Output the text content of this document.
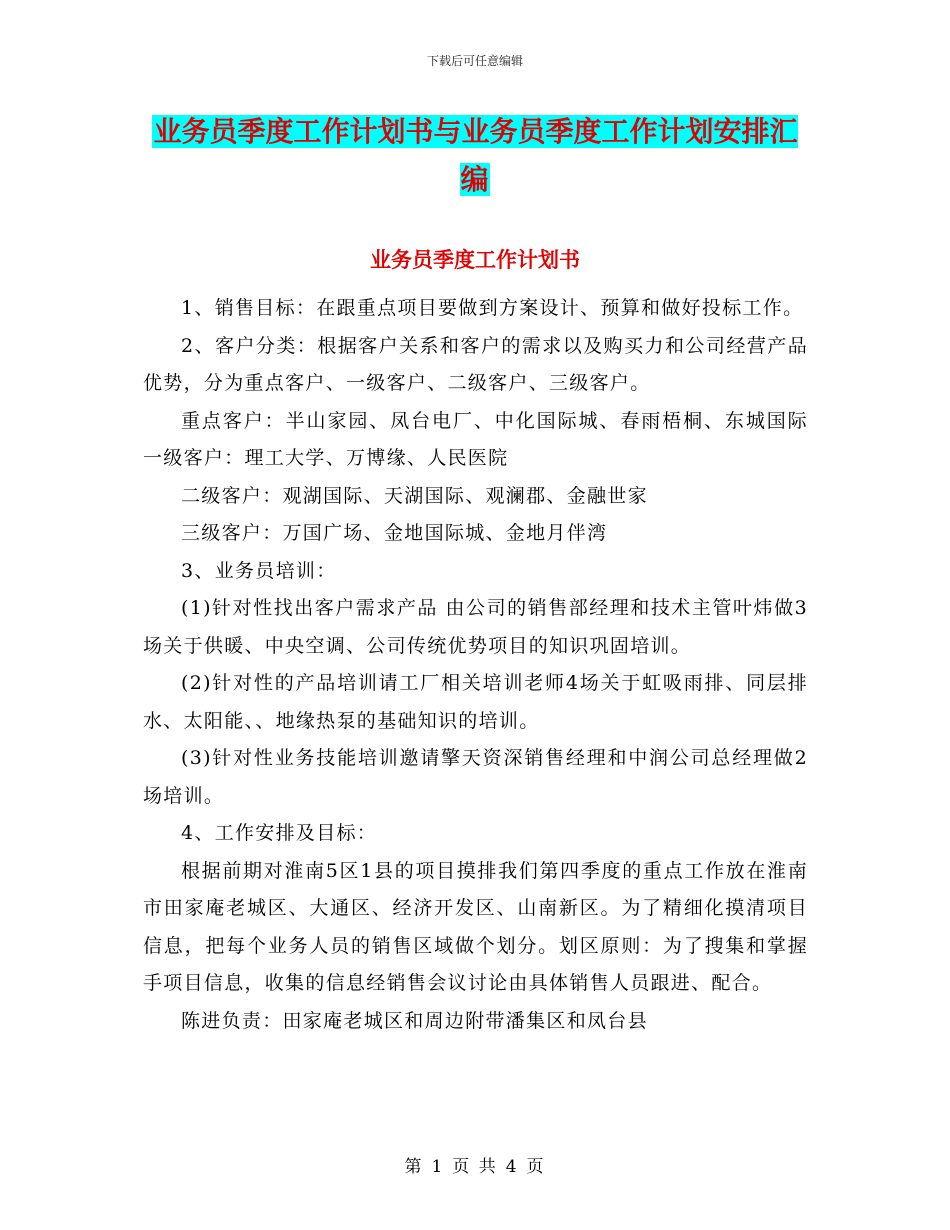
下载后可任意编辑
业务员季度工作计划书与业务员季度工作计划安排汇编
业务员季度工作计划书

1、销售目标：在跟重点项目要做到方案设计、预算和做好投标工作。

2、客户分类：根据客户关系和客户的需求以及购买力和公司经营产品优势，分为重点客户、一级客户、二级客户、三级客户。

重点客户：半山家园、凤台电厂、中化国际城、春雨梧桐、东城国际 一级客户：理工大学、万博缘、人民医院

二级客户：观湖国际、天湖国际、观澜郡、金融世家

三级客户：万国广场、金地国际城、金地月伴湾

3、业务员培训：

(1)针对性找出客户需求产品 由公司的销售部经理和技术主管叶炜做3场关于供暖、中央空调、公司传统优势项目的知识巩固培训。

(2)针对性的产品培训请工厂相关培训老师4场关于虹吸雨排、同层排水、太阳能、、地缘热泵的基础知识的培训。

(3)针对性业务技能培训邀请擎天资深销售经理和中润公司总经理做2场培训。

4、工作安排及目标：

根据前期对淮南5区1县的项目摸排我们第四季度的重点工作放在淮南市田家庵老城区、大通区、经济开发区、山南新区。为了精细化摸清项目信息，把每个业务人员的销售区域做个划分。划区原则：为了搜集和掌握手项目信息，收集的信息经销售会议讨论由具体销售人员跟进、配合。

陈进负责：田家庵老城区和周边附带潘集区和凤台县

第 1 页 共 4 页
